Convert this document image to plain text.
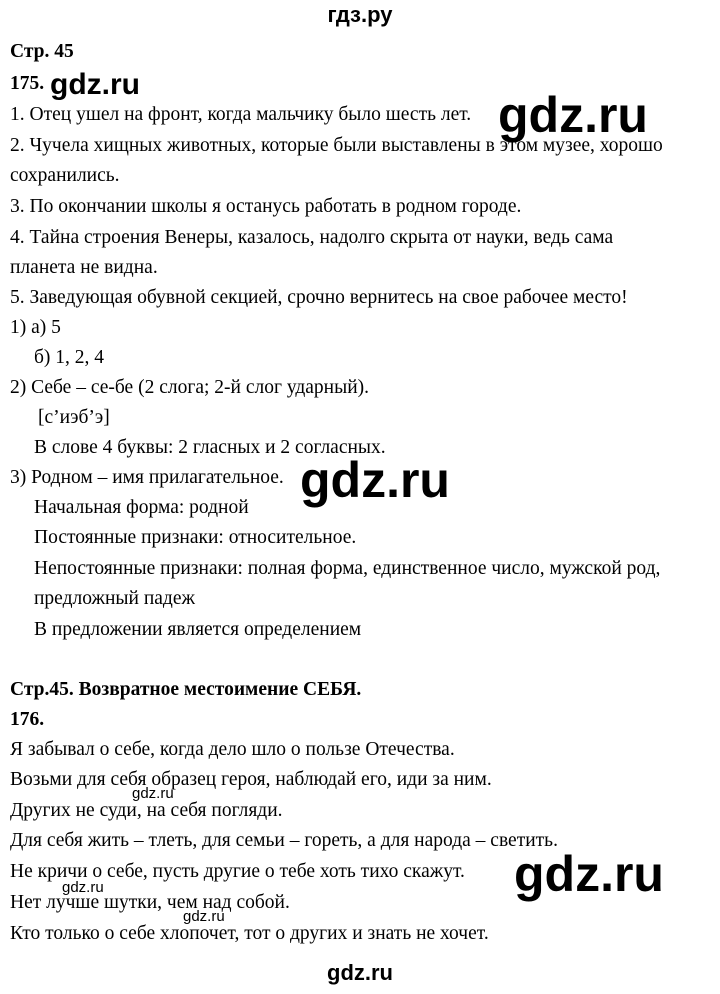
гдз.ру
Стр. 45
175.
1. Отец ушел на фронт, когда мальчику было шесть лет.
2. Чучела хищных животных, которые были выставлены в этом музее, хорошо
сохранились.
3. По окончании школы я останусь работать в родном городе.
4. Тайна строения Венеры, казалось, надолго скрыта от науки, ведь сама
планета не видна.
5. Заведующая обувной секцией, срочно вернитесь на свое рабочее место!
1) а) 5
б) 1, 2, 4
2) Себе – се-бе (2 слога; 2-й слог ударный).
[с’иэб’э]
В слове 4 буквы: 2 гласных и 2 согласных.
3) Родном – имя прилагательное.
Начальная форма: родной
Постоянные признаки: относительное.
Непостоянные признаки: полная форма, единственное число, мужской род,
предложный падеж
В предложении является определением
Стр.45. Возвратное местоимение СЕБЯ.
176.
Я забывал о себе, когда дело шло о пользе Отечества.
Возьми для себя образец героя, наблюдай его, иди за ним.
Других не суди, на себя погляди.
Для себя жить – тлеть, для семьи – гореть, а для народа – светить.
Не кричи о себе, пусть другие о тебе хоть тихо скажут.
Нет лучше шутки, чем над собой.
Кто только о себе хлопочет, тот о других и знать не хочет.
gdz.ru
gdz.ru
gdz.ru
gdz.ru
gdz.ru
gdz.ru
gdz.ru
gdz.ru
